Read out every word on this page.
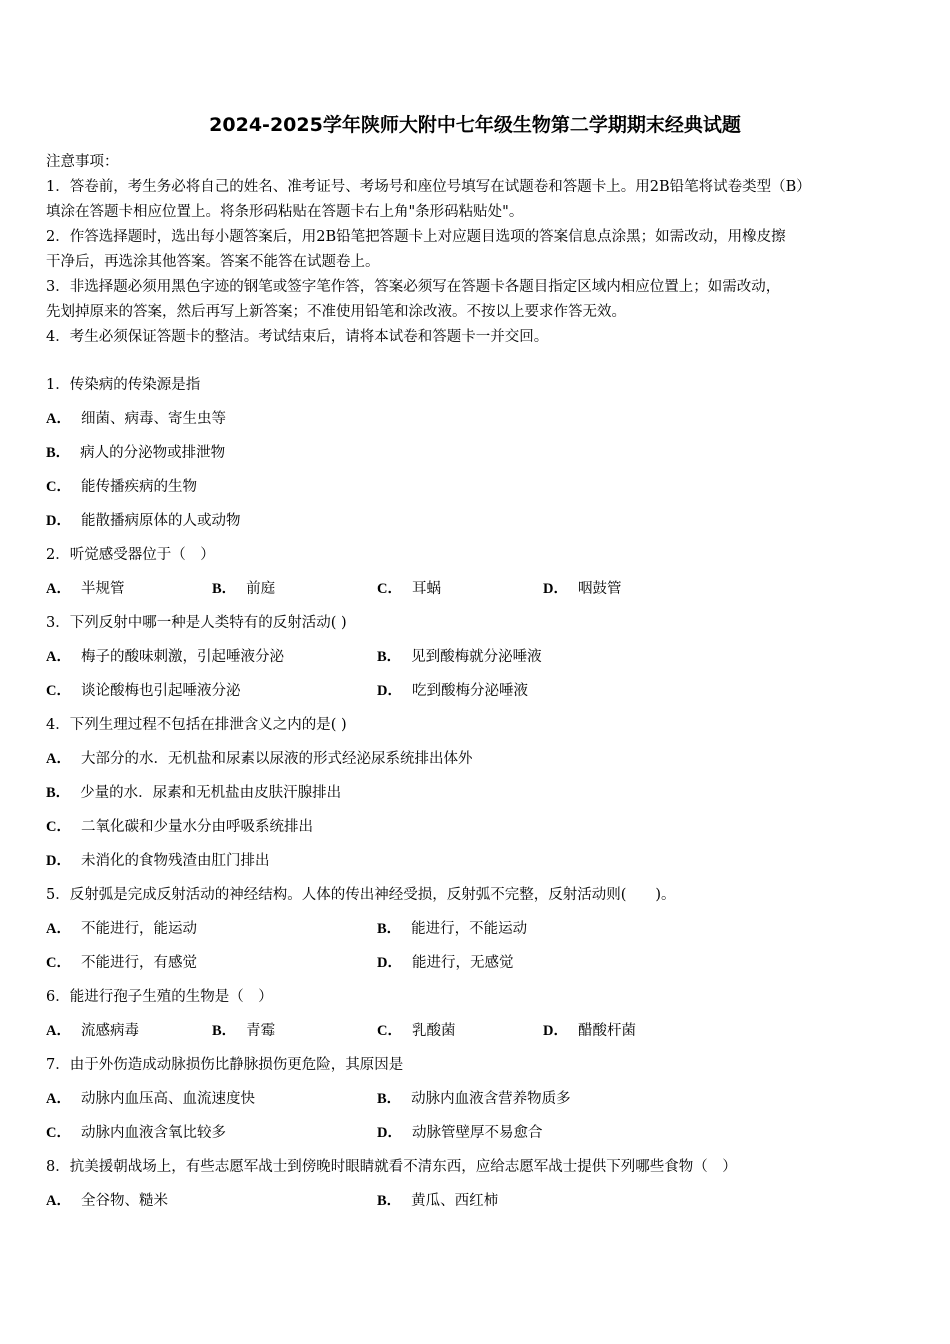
2024-2025学年陕师大附中七年级生物第二学期期末经典试题

注意事项：

1．答卷前，考生务必将自己的姓名、准考证号、考场号和座位号填写在试题卷和答题卡上。用2B铅笔将试卷类型（B）

填涂在答题卡相应位置上。将条形码粘贴在答题卡右上角"条形码粘贴处"。

2．作答选择题时，选出每小题答案后，用2B铅笔把答题卡上对应题目选项的答案信息点涂黑；如需改动，用橡皮擦

干净后，再选涂其他答案。答案不能答在试题卷上。

3．非选择题必须用黑色字迹的钢笔或签字笔作答，答案必须写在答题卡各题目指定区域内相应位置上；如需改动，

先划掉原来的答案，然后再写上新答案；不准使用铅笔和涂改液。不按以上要求作答无效。

4．考生必须保证答题卡的整洁。考试结束后，请将本试卷和答题卡一并交回。

1．传染病的传染源是指
A． 细菌、病毒、寄生虫等
B． 病人的分泌物或排泄物
C． 能传播疾病的生物
D． 能散播病原体的人或动物
2．听觉感受器位于（　）
A． 半规管	B． 前庭	C． 耳蜗	D． 咽鼓管
3．下列反射中哪一种是人类特有的反射活动( )
A． 梅子的酸味刺激，引起唾液分泌	B． 见到酸梅就分泌唾液
C． 谈论酸梅也引起唾液分泌	D． 吃到酸梅分泌唾液
4．下列生理过程不包括在排泄含义之内的是( )
A． 大部分的水．无机盐和尿素以尿液的形式经泌尿系统排出体外
B． 少量的水．尿素和无机盐由皮肤汗腺排出
C． 二氧化碳和少量水分由呼吸系统排出
D． 未消化的食物残渣由肛门排出
5．反射弧是完成反射活动的神经结构。人体的传出神经受损，反射弧不完整，反射活动则(　　)。
A． 不能进行，能运动	B． 能进行，不能运动
C． 不能进行，有感觉	D． 能进行，无感觉
6．能进行孢子生殖的生物是（　）
A． 流感病毒	B． 青霉	C． 乳酸菌	D． 醋酸杆菌
7．由于外伤造成动脉损伤比静脉损伤更危险，其原因是
A． 动脉内血压高、血流速度快	B． 动脉内血液含营养物质多
C． 动脉内血液含氧比较多	D． 动脉管壁厚不易愈合
8．抗美援朝战场上，有些志愿军战士到傍晚时眼睛就看不清东西，应给志愿军战士提供下列哪些食物（　）
A． 全谷物、糙米	B． 黄瓜、西红柿
